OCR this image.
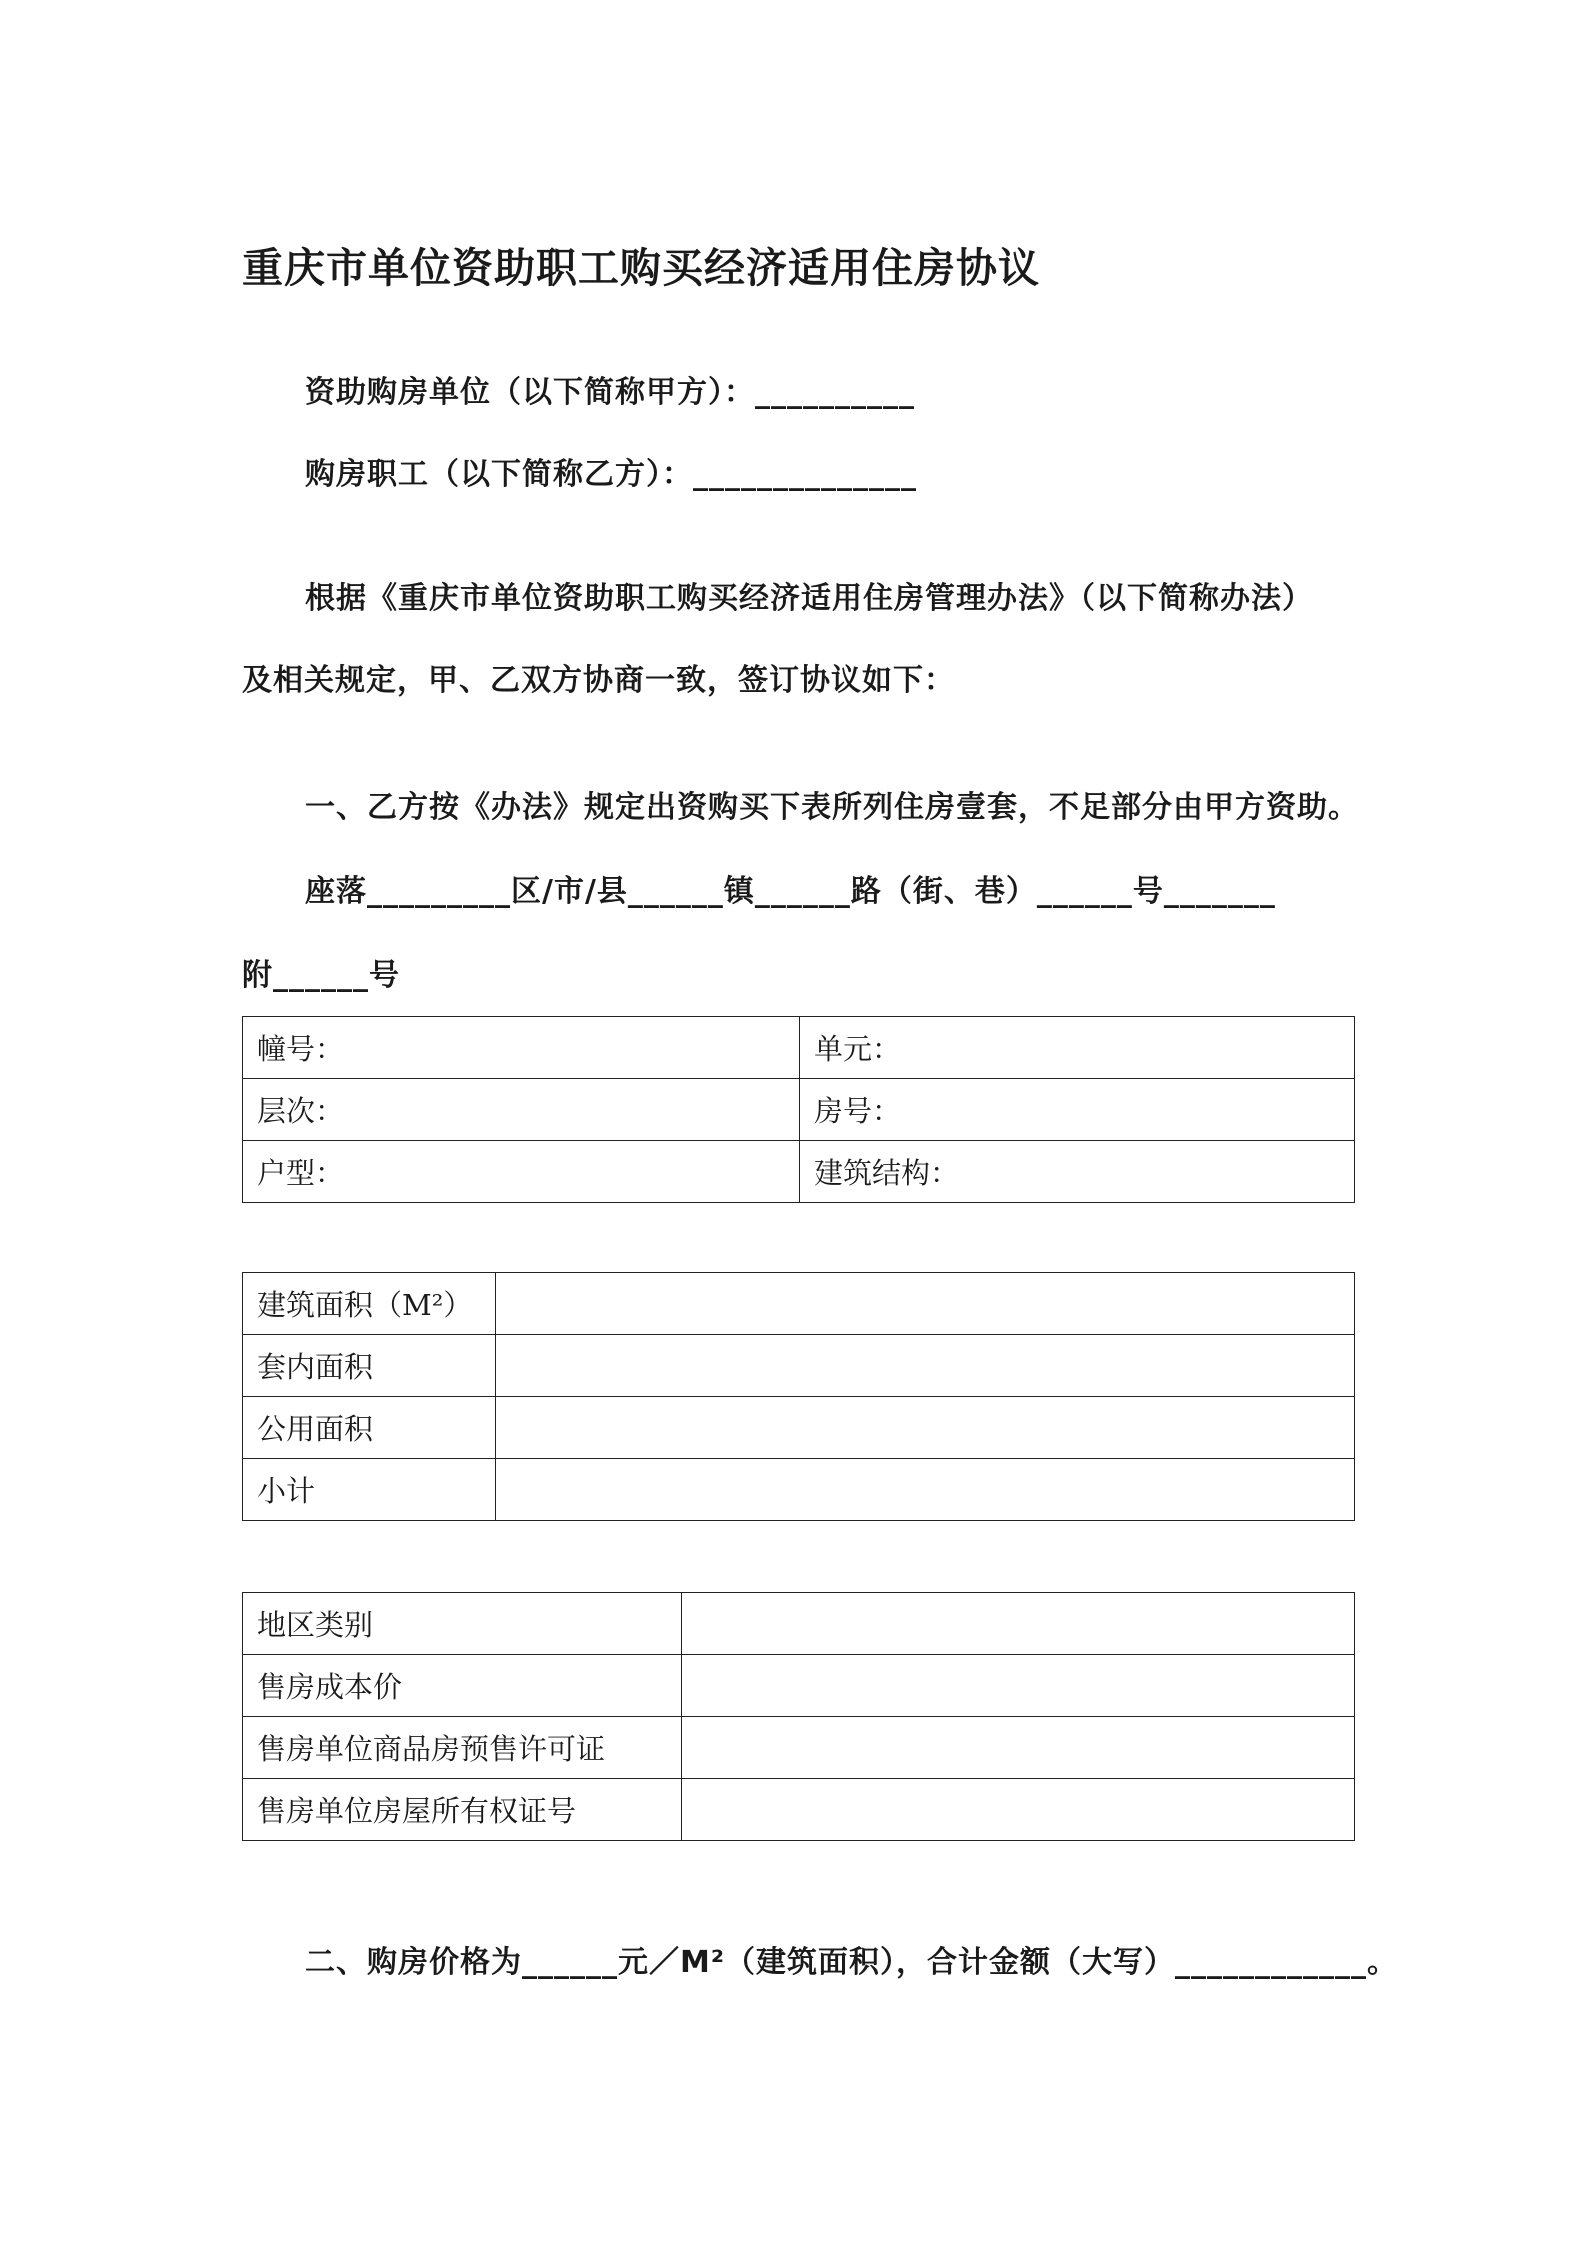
重庆市单位资助职工购买经济适用住房协议
资助购房单位（以下简称甲方）：__________
购房职工（以下简称乙方）：______________
根据《重庆市单位资助职工购买经济适用住房管理办法》（以下简称办法）
及相关规定，甲、乙双方协商一致，签订协议如下：
一、乙方按《办法》规定出资购买下表所列住房壹套，不足部分由甲方资助。
座落_________区/市/县______镇______路（街、巷）______号_______
附______号
幢号：	单元：
层次：	房号：
户型：	建筑结构：
建筑面积（M²）	
套内面积	
公用面积	
小计	
地区类别	
售房成本价	
售房单位商品房预售许可证	
售房单位房屋所有权证号	
二、购房价格为______元／M²（建筑面积），合计金额（大写）____________。
